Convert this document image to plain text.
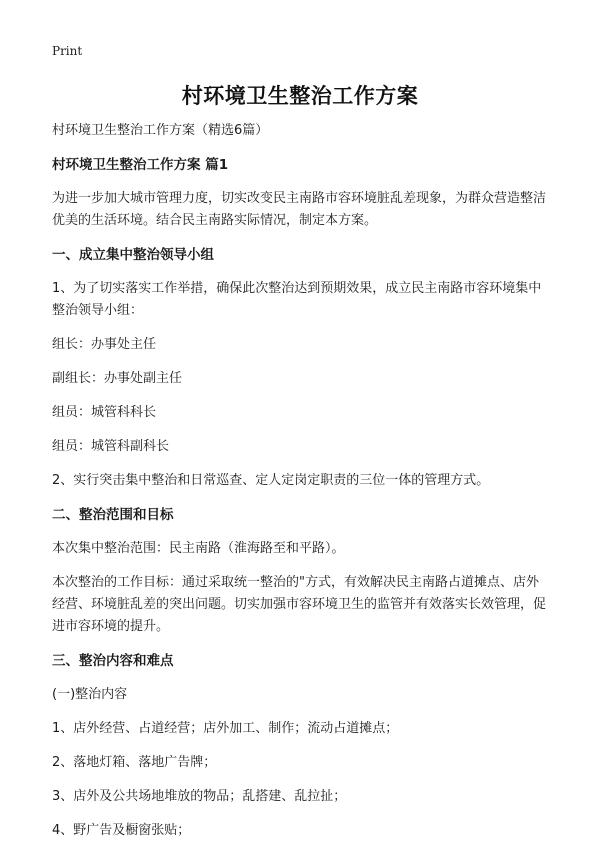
Print
村环境卫生整治工作方案

村环境卫生整治工作方案（精选6篇）

村环境卫生整治工作方案 篇1

为进一步加大城市管理力度，切实改变民主南路市容环境脏乱差现象，为群众营造整洁优美的生活环境。结合民主南路实际情况，制定本方案。

一、成立集中整治领导小组

1、为了切实落实工作举措，确保此次整治达到预期效果，成立民主南路市容环境集中整治领导小组：

组长：办事处主任

副组长：办事处副主任

组员：城管科科长

组员：城管科副科长

2、实行突击集中整治和日常巡查、定人定岗定职责的三位一体的管理方式。

二、整治范围和目标

本次集中整治范围：民主南路（淮海路至和平路）。

本次整治的工作目标：通过采取统一整治的"方式，有效解决民主南路占道摊点、店外经营、环境脏乱差的突出问题。切实加强市容环境卫生的监管并有效落实长效管理，促进市容环境的提升。

三、整治内容和难点

(一)整治内容

1、店外经营、占道经营；店外加工、制作；流动占道摊点；

2、落地灯箱、落地广告牌；

3、店外及公共场地堆放的物品；乱搭建、乱拉扯；

4、野广告及橱窗张贴；
